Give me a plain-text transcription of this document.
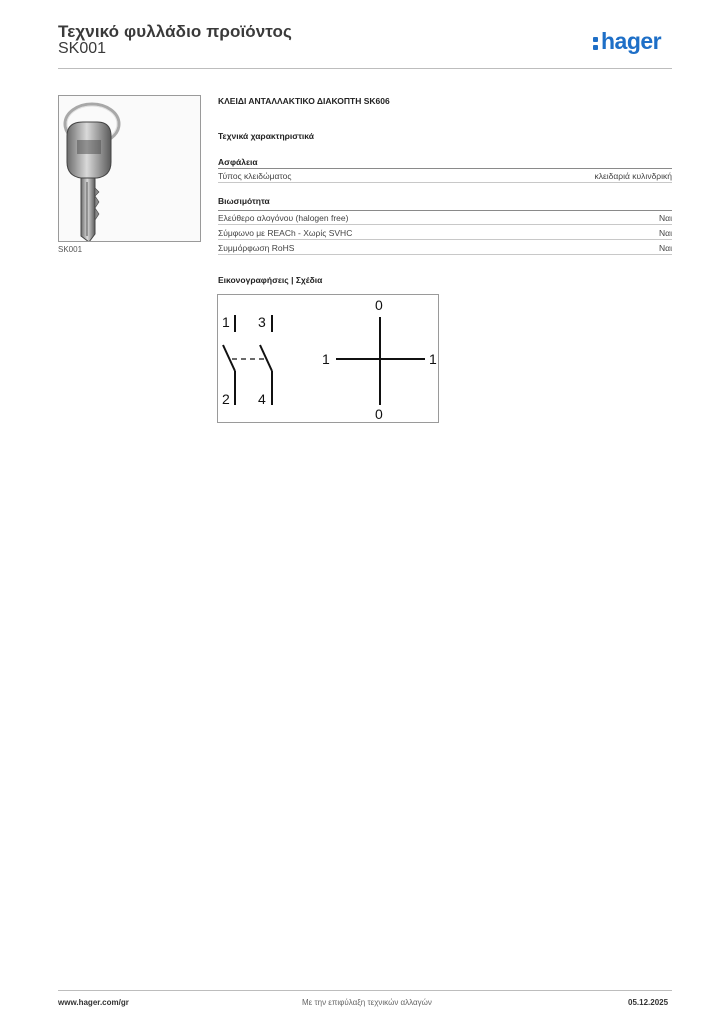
Τεχνικό φυλλάδιο προϊόντος
SK001	hager
SK001
ΚΛΕΙΔΙ ΑΝΤΑΛΛΑΚΤΙΚΟ ΔΙΑΚΟΠΤΗ SK606
Τεχνικά χαρακτηριστικά
Ασφάλεια
Τύπος κλειδώματος	κλειδαριά κυλινδρική
Βιωσιμότητα
Ελεύθερο αλογόνου (halogen free)	Ναι
Σύμφωνο με REACh - Χωρίς SVHC	Ναι
Συμμόρφωση RoHS	Ναι
Εικονογραφήσεις | Σχέδια
1 3
2 4
0
1	1
0
www.hager.com/gr	Με την επιφύλαξη τεχνικών αλλαγών	05.12.2025
